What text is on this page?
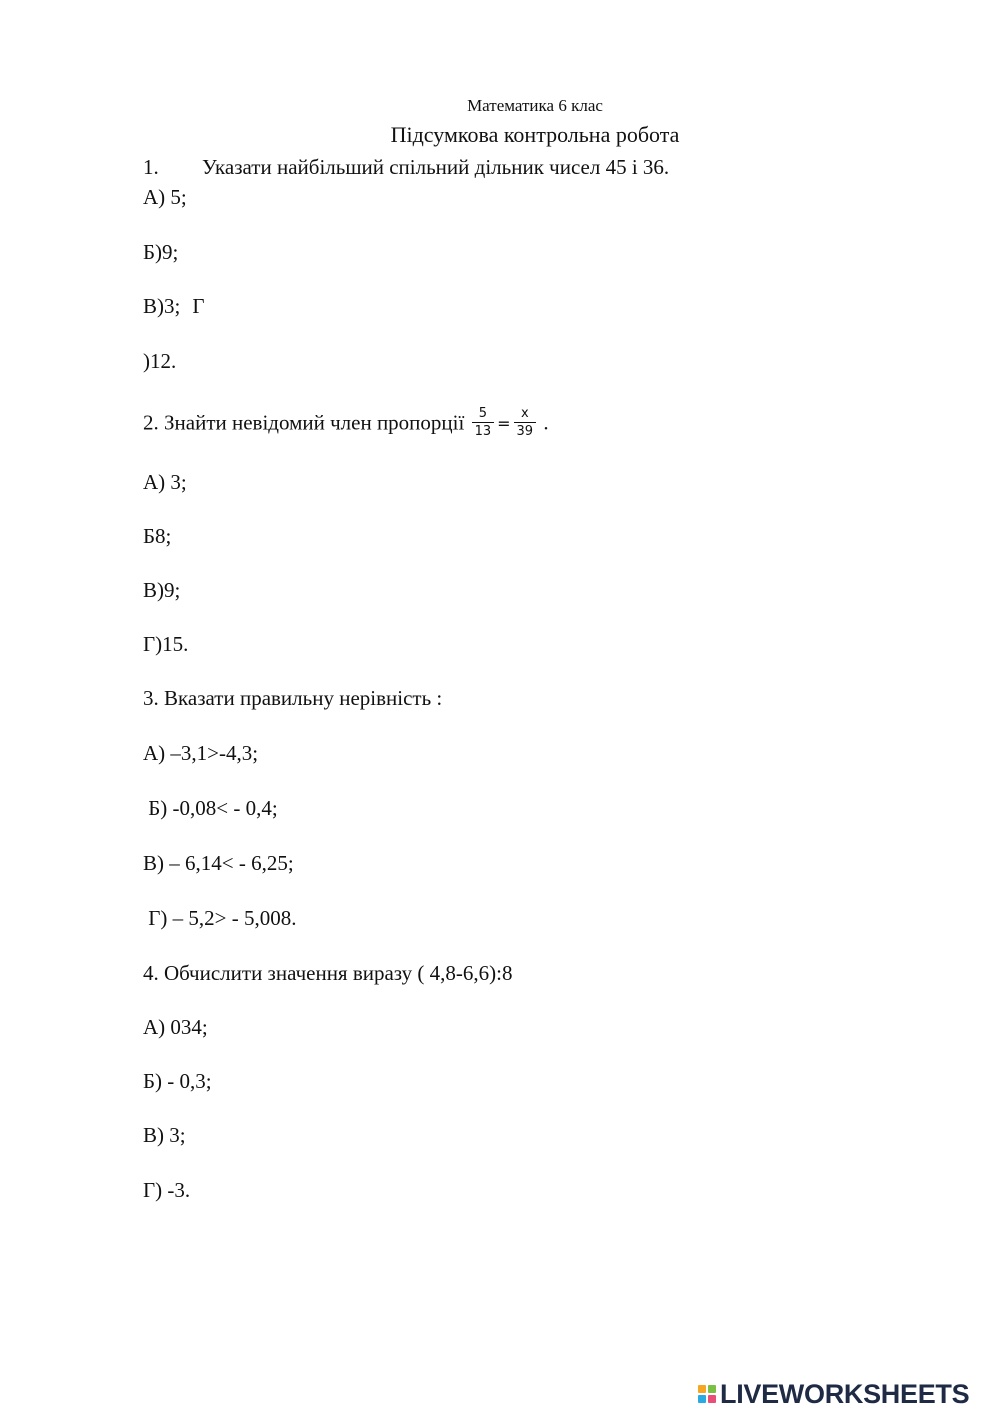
Математика 6 клас
Підсумкова контрольна робота
1. Указати найбільший спільний дільник чисел 45 і 36.
А) 5;
Б)9;
В)3; Г
)12.
2. Знайти невідомий член пропорції $\frac{5}{13} = \frac{x}{39}$ .
А) 3;
Б8;
В)9;
Г)15.
3. Вказати правильну нерівність :
А) –3,1>-4,3;
Б) -0,08< - 0,4;
В) – 6,14< - 6,25;
Г) – 5,2> - 5,008.
4. Обчислити значення виразу ( 4,8-6,6):8
А) 034;
Б) - 0,3;
В) 3;
Г) -3.
LIVEWORKSHEETS
